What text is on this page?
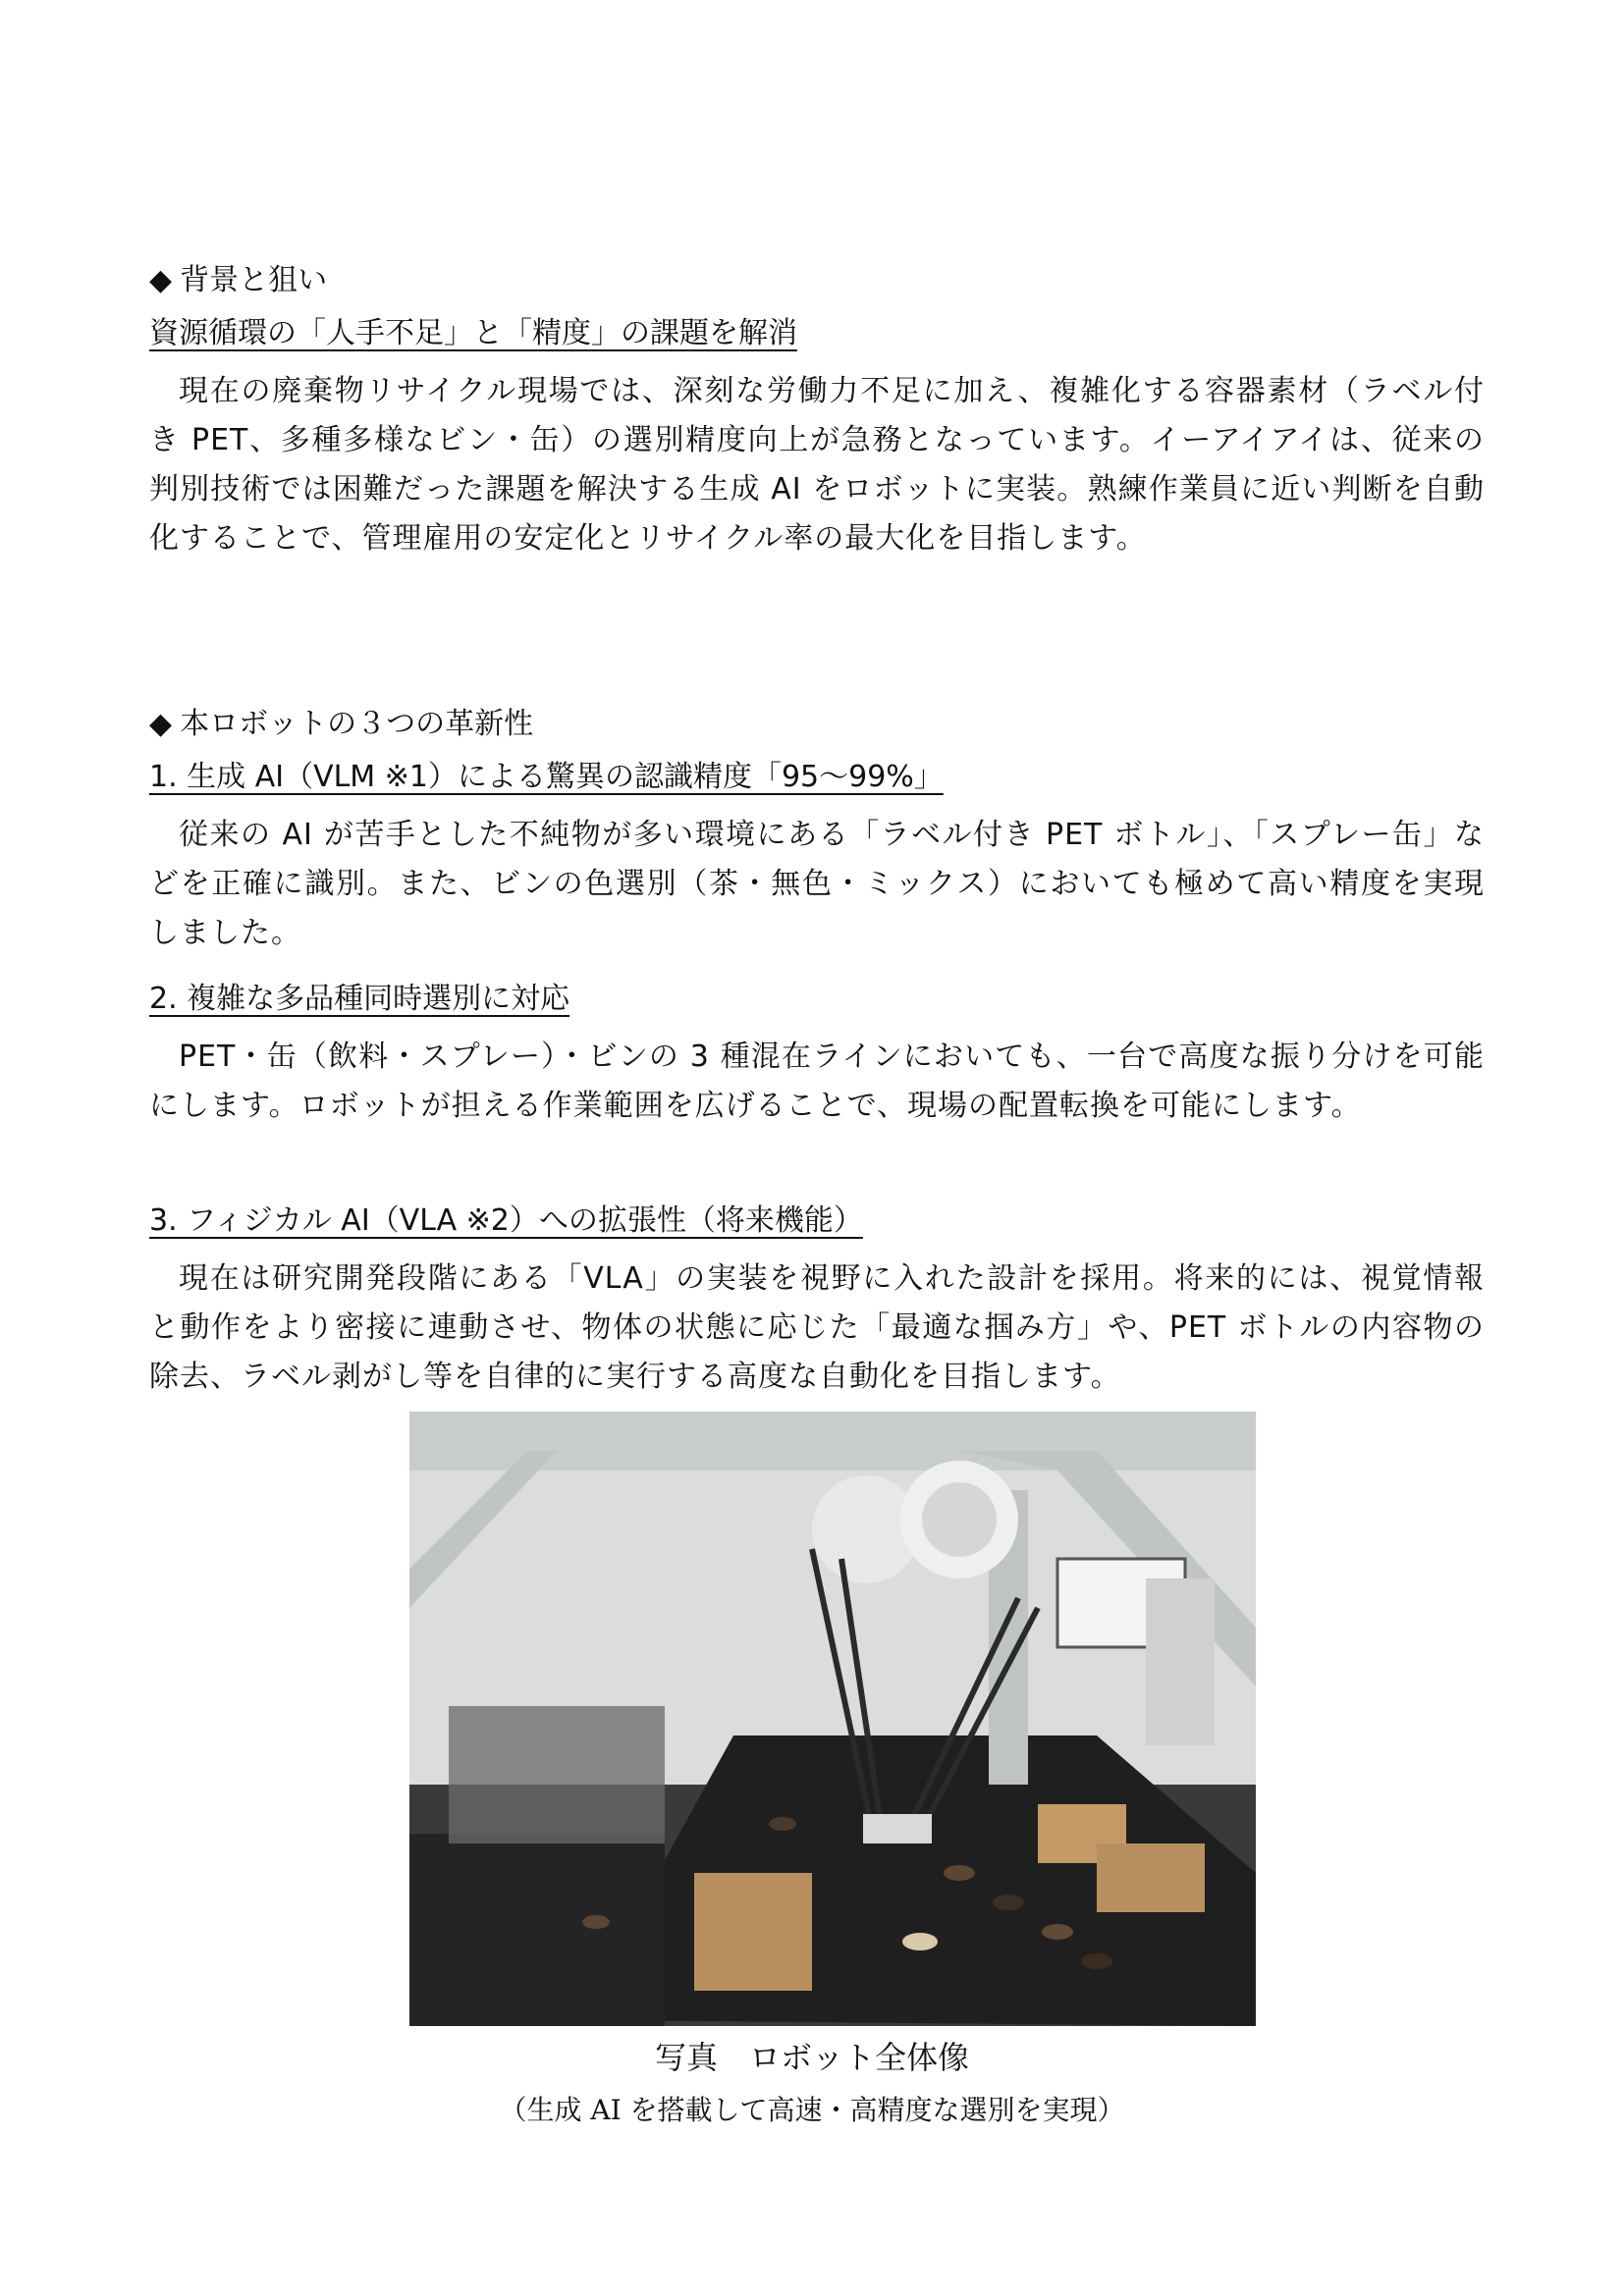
◆ 背景と狙い
資源循環の「人手不足」と「精度」の課題を解消

現在の廃棄物リサイクル現場では、深刻な労働力不足に加え、複雑化する容器素材（ラベル付き PET、多種多様なビン・缶）の選別精度向上が急務となっています。イーアイアイは、従来の判別技術では困難だった課題を解決する生成 AI をロボットに実装。熟練作業員に近い判断を自動化することで、管理雇用の安定化とリサイクル率の最大化を目指します。

◆ 本ロボットの３つの革新性
1. 生成 AI（VLM ※1）による驚異の認識精度「95～99%」

従来の AI が苦手とした不純物が多い環境にある「ラベル付き PET ボトル」、「スプレー缶」などを正確に識別。また、ビンの色選別（茶・無色・ミックス）においても極めて高い精度を実現しました。

2. 複雑な多品種同時選別に対応

PET・缶（飲料・スプレー）・ビンの 3 種混在ラインにおいても、一台で高度な振り分けを可能にします。ロボットが担える作業範囲を広げることで、現場の配置転換を可能にします。

3. フィジカル AI（VLA ※2）への拡張性（将来機能）

現在は研究開発段階にある「VLA」の実装を視野に入れた設計を採用。将来的には、視覚情報と動作をより密接に連動させ、物体の状態に応じた「最適な掴み方」や、PET ボトルの内容物の除去、ラベル剥がし等を自律的に実行する高度な自動化を目指します。

写真　ロボット全体像
（生成 AI を搭載して高速・高精度な選別を実現）
